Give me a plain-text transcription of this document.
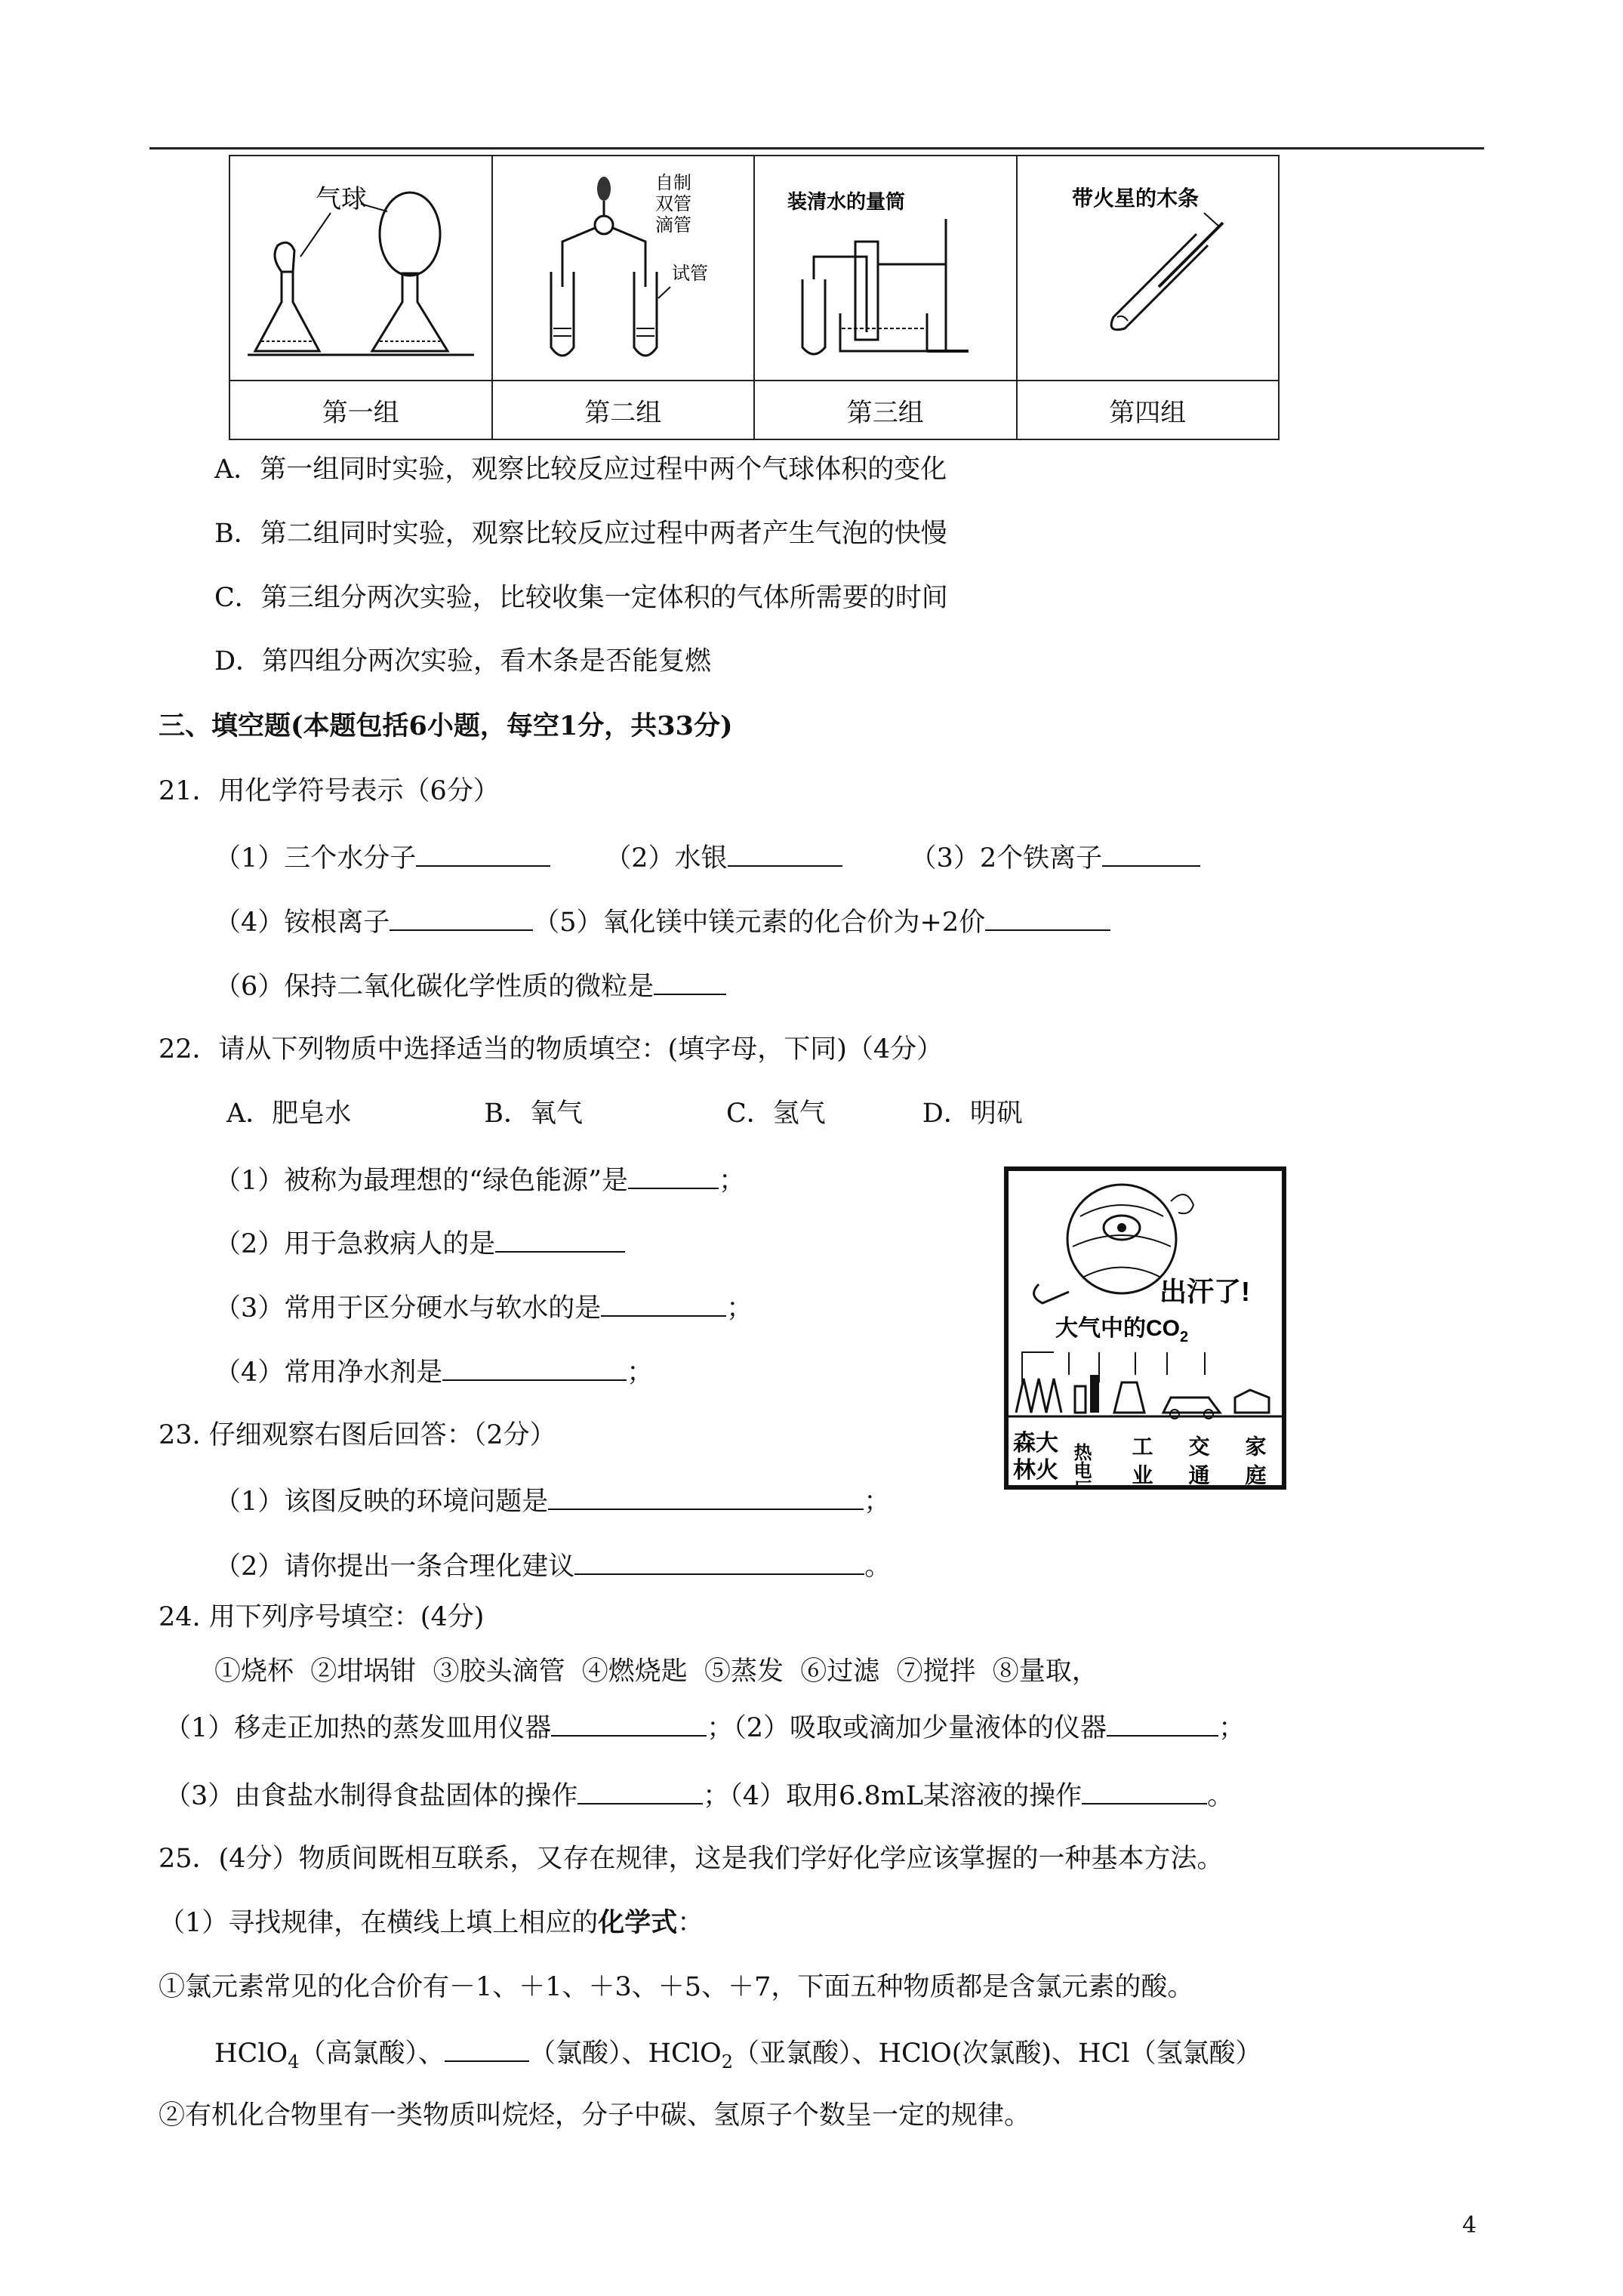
气球	自制
双管
滴管
试管	装清水的量筒	带火星的木条

第一组	第二组	第三组	第四组
A．第一组同时实验，观察比较反应过程中两个气球体积的变化
B．第二组同时实验，观察比较反应过程中两者产生气泡的快慢
C．第三组分两次实验，比较收集一定体积的气体所需要的时间
D．第四组分两次实验，看木条是否能复燃
三、填空题(本题包括6小题，每空1分，共33分)
21．用化学符号表示（6分）
（1）三个水分子	（2）水银	（3）2个铁离子
（4）铵根离子	（5）氧化镁中镁元素的化合价为+2价
（6）保持二氧化碳化学性质的微粒是
22．请从下列物质中选择适当的物质填空：(填字母，下同)（4分）
A．肥皂水	B．氧气	C．氢气	D．明矾
（1）被称为最理想的“绿色能源”是	；
（2）用于急救病人的是
（3）常用于区分硬水与软水的是	；
（4）常用净水剂是	；
出汗了!
大气中的$CO_2$
森大
林火 热电厂 工业 交通 家庭
23. 仔细观察右图后回答：（2分）
（1）该图反映的环境问题是	；
（2）请你提出一条合理化建议	。
24. 用下列序号填空：(4分)
①烧杯  ②坩埚钳  ③胶头滴管  ④燃烧匙  ⑤蒸发  ⑥过滤  ⑦搅拌  ⑧量取，
（1）移走正加热的蒸发皿用仪器	；（2）吸取或滴加少量液体的仪器	；
（3）由食盐水制得食盐固体的操作	；（4）取用6.8mL某溶液的操作	。
25．(4分）物质间既相互联系，又存在规律，这是我们学好化学应该掌握的一种基本方法。
（1）寻找规律，在横线上填上相应的化学式：
①氯元素常见的化合价有－1、＋1、＋3、＋5、＋7，下面五种物质都是含氯元素的酸。
HClO$_4$（高氯酸）、	（氯酸）、HClO$_2$（亚氯酸）、HClO(次氯酸)、HCl（氢氯酸）
②有机化合物里有一类物质叫烷烃，分子中碳、氢原子个数呈一定的规律。
4
